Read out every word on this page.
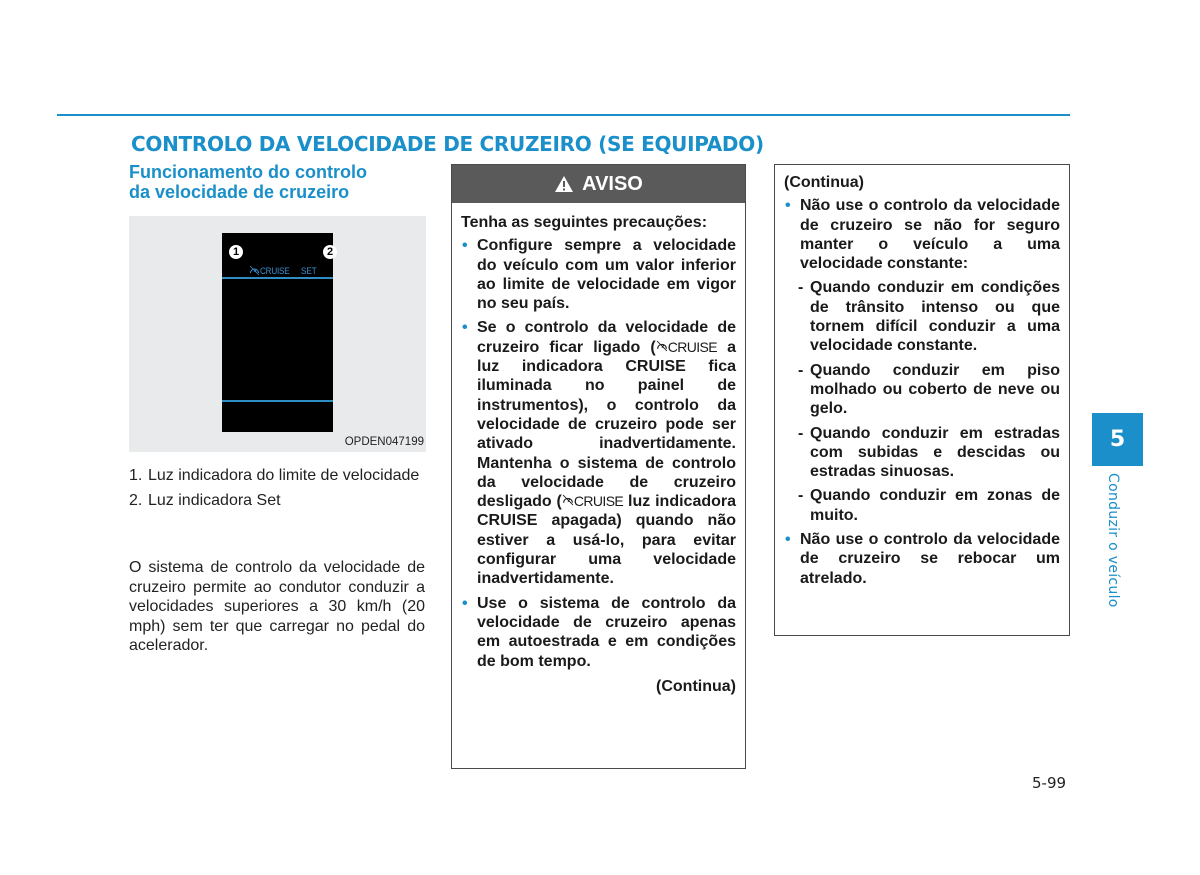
CONTROLO DA VELOCIDADE DE CRUZEIRO (SE EQUIPADO)
Funcionamento do controlo
da velocidade de cruzeiro
CRUISE SET
1	2
OPDEN047199
1. Luz indicadora do limite de velocidade
2. Luz indicadora Set

O sistema de controlo da velocidade de cruzeiro permite ao condutor conduzir a velocidades superiores a 30 km/h (20 mph) sem ter que carregar no pedal do acelerador.

AVISO
Tenha as seguintes precauções:
• Configure sempre a velocidade do veículo com um valor inferior ao limite de velocidade em vigor no seu país.
• Se o controlo da velocidade de cruzeiro ficar ligado ( CRUISE a luz indicadora CRUISE fica iluminada no painel de instrumentos), o controlo da velocidade de cruzeiro pode ser ativado inadvertidamente. Mantenha o sistema de controlo da velocidade de cruzeiro desligado ( CRUISE luz indicadora CRUISE apagada) quando não estiver a usá-lo, para evitar configurar uma velocidade inadvertidamente.
• Use o sistema de controlo da velocidade de cruzeiro apenas em autoestrada e em condições de bom tempo.
(Continua)
(Continua)
• Não use o controlo da velocidade de cruzeiro se não for seguro manter o veículo a uma velocidade constante:
- Quando conduzir em condições de trânsito intenso ou que tornem difícil conduzir a uma velocidade constante.
- Quando conduzir em piso molhado ou coberto de neve ou gelo.
- Quando conduzir em estradas com subidas e descidas ou estradas sinuosas.
- Quando conduzir em zonas de muito.
• Não use o controlo da velocidade de cruzeiro se rebocar um atrelado.
5
Conduzir o veículo
5-99
